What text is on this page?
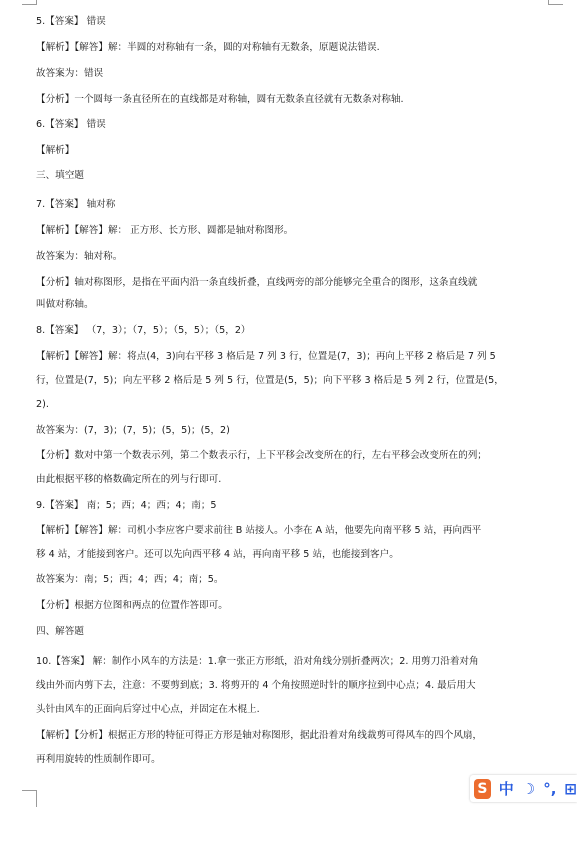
5.【答案】 错误
【解析】【解答】解：半圆的对称轴有一条，圆的对称轴有无数条，原题说法错误.
故答案为：错误
【分析】一个圆每一条直径所在的直线都是对称轴，圆有无数条直径就有无数条对称轴.
6.【答案】 错误
【解析】
三、填空题
7.【答案】 轴对称
【解析】【解答】解： 正方形、长方形、圆都是轴对称图形。
故答案为：轴对称。
【分析】轴对称图形，是指在平面内沿一条直线折叠，直线两旁的部分能够完全重合的图形，这条直线就
叫做对称轴。
8.【答案】 （7，3）；（7，5）；（5，5）；（5，2）
【解析】【解答】解：将点(4，3)向右平移 3 格后是 7 列 3 行，位置是(7，3)；再向上平移 2 格后是 7 列 5
行，位置是(7，5)；向左平移 2 格后是 5 列 5 行，位置是(5，5)；向下平移 3 格后是 5 列 2 行，位置是(5，
2).
故答案为：(7，3)；(7，5)；(5，5)；(5，2)
【分析】数对中第一个数表示列，第二个数表示行，上下平移会改变所在的行，左右平移会改变所在的列；
由此根据平移的格数确定所在的列与行即可.
9.【答案】 南；5；西；4；西；4；南；5
【解析】【解答】解：司机小李应客户要求前往 B 站接人。小李在 A 站，他要先向南平移 5 站，再向西平
移 4 站，才能接到客户。还可以先向西平移 4 站，再向南平移 5 站，也能接到客户。
故答案为：南；5；西；4；西；4；南；5。
【分析】根据方位图和两点的位置作答即可。
四、解答题
10.【答案】 解：制作小风车的方法是：1.拿一张正方形纸，沿对角线分别折叠两次；2. 用剪刀沿着对角
线由外而内剪下去，注意：不要剪到底；3. 将剪开的 4 个角按照逆时针的顺序拉到中心点；4. 最后用大
头针由风车的正面向后穿过中心点，并固定在木棍上.
【解析】【分析】根据正方形的特征可得正方形是轴对称图形，据此沿着对角线裁剪可得风车的四个风扇，
再利用旋转的性质制作即可。
S 中 ☽ °, ⊞
